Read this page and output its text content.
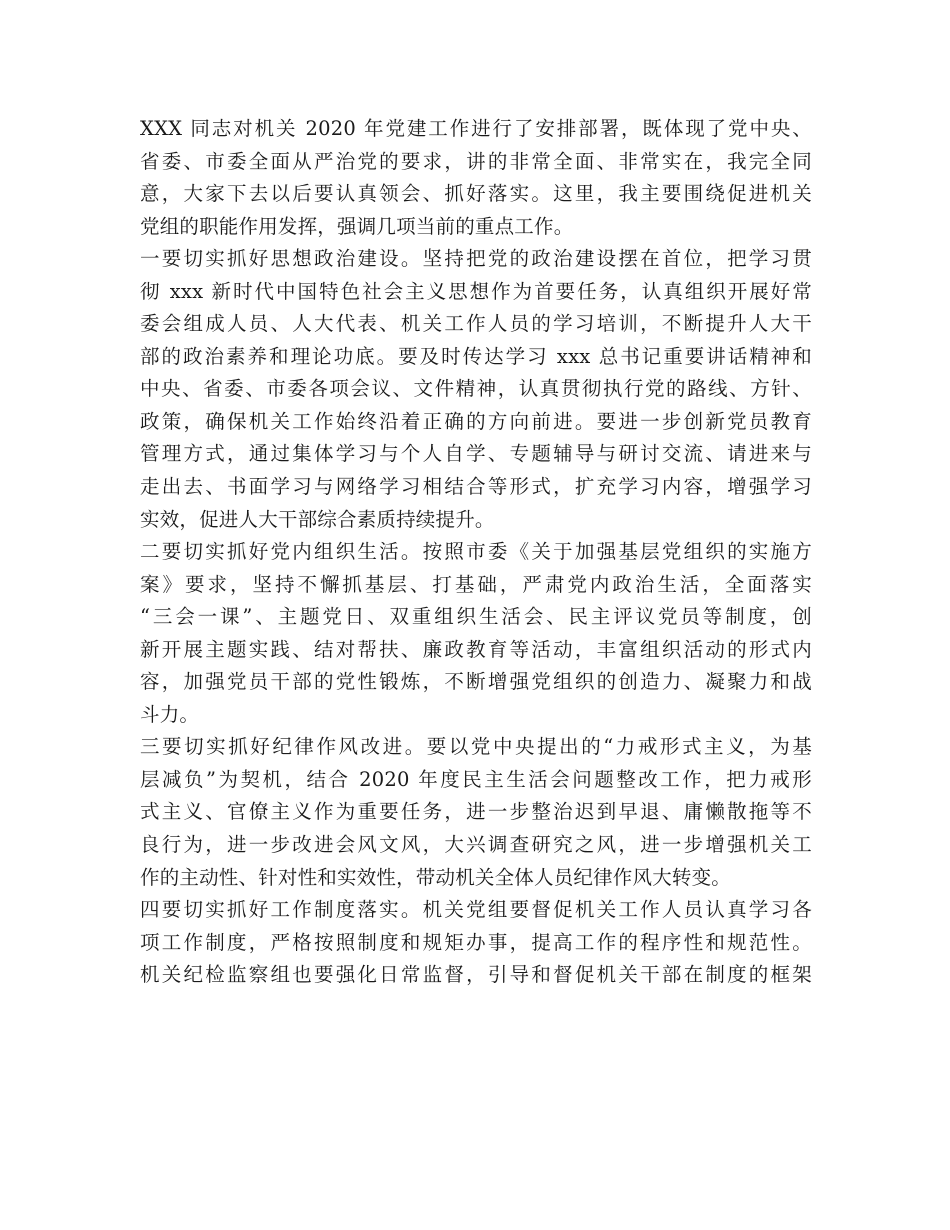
XXX 同志对机关 2020 年党建工作进行了安排部署，既体现了党中央、
省委、市委全面从严治党的要求，讲的非常全面、非常实在，我完全同
意，大家下去以后要认真领会、抓好落实。这里，我主要围绕促进机关
党组的职能作用发挥，强调几项当前的重点工作。
一要切实抓好思想政治建设。坚持把党的政治建设摆在首位，把学习贯
彻 xxx 新时代中国特色社会主义思想作为首要任务，认真组织开展好常
委会组成人员、人大代表、机关工作人员的学习培训，不断提升人大干
部的政治素养和理论功底。要及时传达学习 xxx 总书记重要讲话精神和
中央、省委、市委各项会议、文件精神，认真贯彻执行党的路线、方针、
政策，确保机关工作始终沿着正确的方向前进。要进一步创新党员教育
管理方式，通过集体学习与个人自学、专题辅导与研讨交流、请进来与
走出去、书面学习与网络学习相结合等形式，扩充学习内容，增强学习
实效，促进人大干部综合素质持续提升。
二要切实抓好党内组织生活。按照市委《关于加强基层党组织的实施方
案》要求，坚持不懈抓基层、打基础，严肃党内政治生活，全面落实
“三会一课”、主题党日、双重组织生活会、民主评议党员等制度，创
新开展主题实践、结对帮扶、廉政教育等活动，丰富组织活动的形式内
容，加强党员干部的党性锻炼，不断增强党组织的创造力、凝聚力和战
斗力。
三要切实抓好纪律作风改进。要以党中央提出的“力戒形式主义，为基
层减负”为契机，结合 2020 年度民主生活会问题整改工作，把力戒形
式主义、官僚主义作为重要任务，进一步整治迟到早退、庸懒散拖等不
良行为，进一步改进会风文风，大兴调查研究之风，进一步增强机关工
作的主动性、针对性和实效性，带动机关全体人员纪律作风大转变。
四要切实抓好工作制度落实。机关党组要督促机关工作人员认真学习各
项工作制度，严格按照制度和规矩办事，提高工作的程序性和规范性。
机关纪检监察组也要强化日常监督，引导和督促机关干部在制度的框架
